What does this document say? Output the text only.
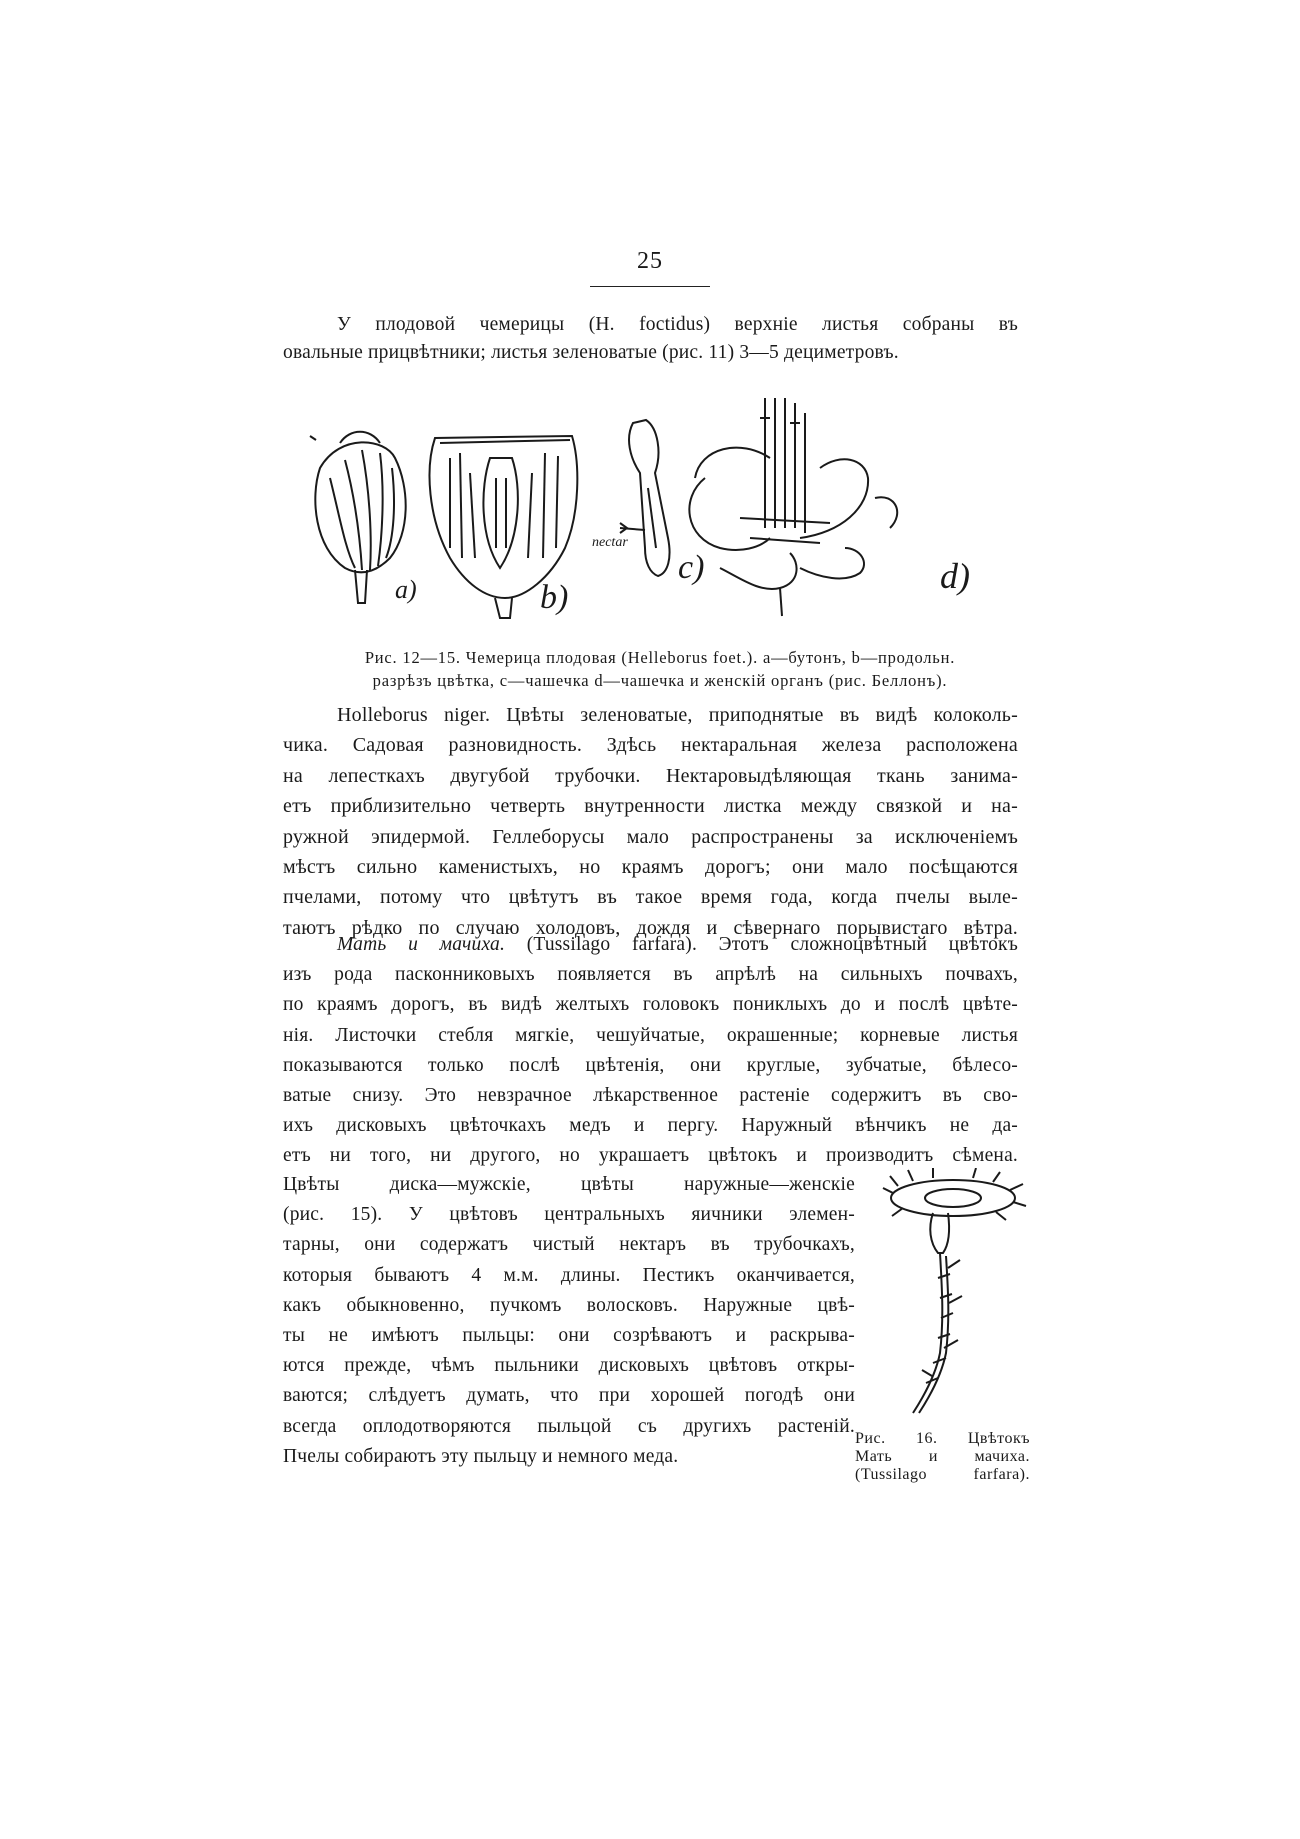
25
У плодовой чемерицы (H. foctidus) верхнiе листья собраны въ
овальные прицвѣтники; листья зеленоватые (рис. 11) 3—5 дециметровъ.
a)	b)
c)	d)
nectar
Рис. 12—15. Чемерица плодовая (Helleborus foet.). a—бутонъ, b—продольн.
разрѣзъ цвѣтка, c—чашечка d—чашечка и женскiй органъ (рис. Беллонъ).
Holleborus niger. Цвѣты зеленоватые, приподнятые въ видѣ колоколь-
чика. Садовая разновидность. Здѣсь нектаральная железа расположена
на лепесткахъ двугубой трубочки. Нектаровыдѣляющая ткань занима-
етъ приблизительно четверть внутренности листка между связкой и на-
ружной эпидермой. Геллеборусы мало распространены за исключенiемъ
мѣстъ сильно каменистыхъ, но краямъ дорогъ; они мало посѣщаются
пчелами, потому что цвѣтутъ въ такое время года, когда пчелы выле-
таютъ рѣдко по случаю холодовъ, дождя и сѣвернаго порывистаго вѣтра.
Мать и мачиха. (Tussilago farfara). Этотъ сложноцвѣтный цвѣтокъ
изъ рода пасконниковыхъ появляется въ апрѣлѣ на сильныхъ почвахъ,
по краямъ дорогъ, въ видѣ желтыхъ головокъ пониклыхъ до и послѣ цвѣте-
нiя. Листочки стебля мягкiе, чешуйчатые, окрашенные; корневые листья
показываются только послѣ цвѣтенiя, они круглые, зубчатые, бѣлесо-
ватые снизу. Это невзрачное лѣкарственное растенiе содержитъ въ сво-
ихъ дисковыхъ цвѣточкахъ медъ и пергу. Наружный вѣнчикъ не да-
етъ ни того, ни другого, но украшаетъ цвѣтокъ и производитъ сѣмена.
Цвѣты диска—мужскiе, цвѣты наружные—женскiе
(рис. 15). У цвѣтовъ центральныхъ яичники элемен-
тарны, они содержатъ чистый нектаръ въ трубочкахъ,
которыя бываютъ 4 м.м. длины. Пестикъ оканчивается,
какъ обыкновенно, пучкомъ волосковъ. Наружные цвѣ-
ты не имѣютъ пыльцы: они созрѣваютъ и раскрыва-
ются прежде, чѣмъ пыльники дисковыхъ цвѣтовъ откры-
ваются; слѣдуетъ думать, что при хорошей погодѣ они
всегда оплодотворяются пыльцой съ другихъ растенiй.
Пчелы собираютъ эту пыльцу и немного меда.
Рис. 16. Цвѣтокъ
Мать и мачиха.
(Tussilago farfara).
